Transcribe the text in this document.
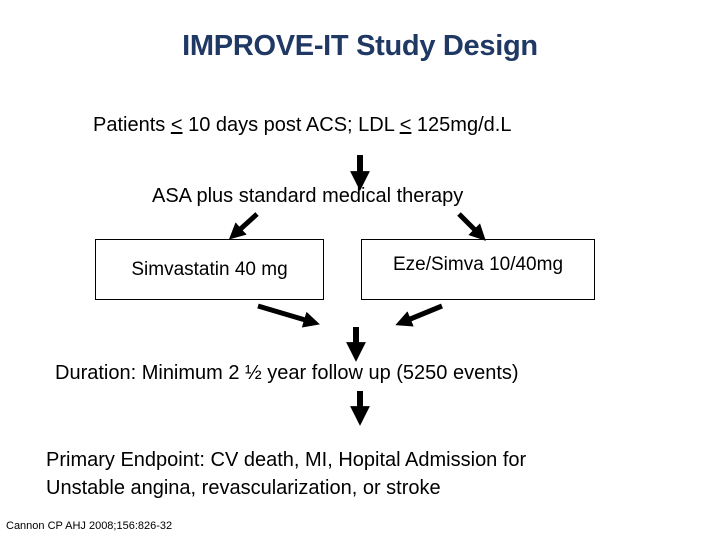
IMPROVE-IT Study Design
Patients ≤ 10 days post ACS; LDL ≤ 125mg/d.L
ASA plus standard medical therapy
Simvastatin 40 mg	Eze/Simva 10/40mg
Duration: Minimum 2 ½ year follow up (5250 events)
Primary Endpoint: CV death, MI, Hopital Admission for
Unstable angina, revascularization, or stroke
Cannon CP AHJ 2008;156:826-32
